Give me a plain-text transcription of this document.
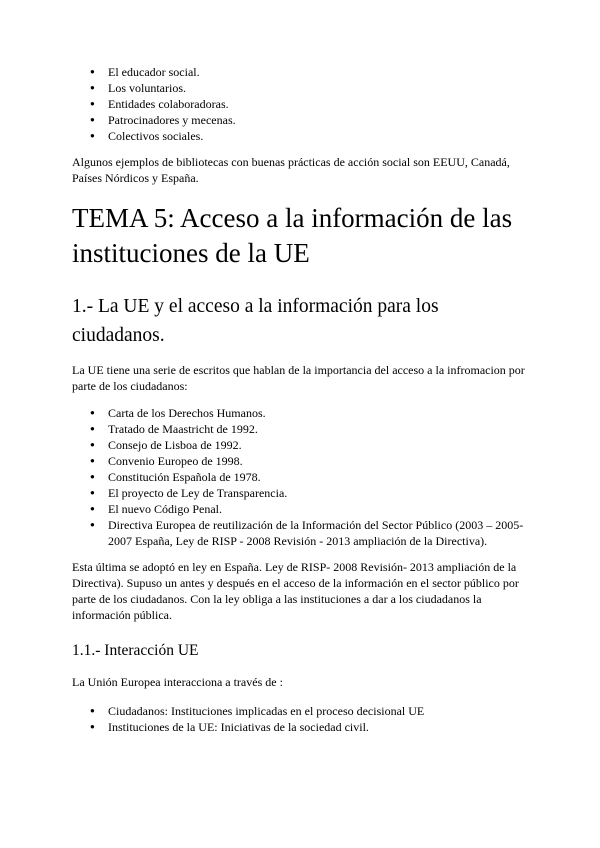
● El educador social.
● Los voluntarios.
● Entidades colaboradoras.
● Patrocinadores y mecenas.
● Colectivos sociales.

Algunos ejemplos de bibliotecas con buenas prácticas de acción social son EEUU, Canadá, Países Nórdicos y España.

TEMA 5: Acceso a la información de las instituciones de la UE
1.- La UE y el acceso a la información para los ciudadanos.

La UE tiene una serie de escritos que hablan de la importancia del acceso a la infromacion por parte de los ciudadanos:

● Carta de los Derechos Humanos.
● Tratado de Maastricht de 1992.
● Consejo de Lisboa de 1992.
● Convenio Europeo de 1998.
● Constitución Española de 1978.
● El proyecto de Ley de Transparencia.
● El nuevo Código Penal.
● Directiva Europea de reutilización de la Información del Sector Público (2003 – 2005-2007 España, Ley de RISP - 2008 Revisión - 2013 ampliación de la Directiva).

Esta última se adoptó en ley en España. Ley de RISP- 2008 Revisión- 2013 ampliación de la Directiva). Supuso un antes y después en el acceso de la información en el sector público por parte de los ciudadanos. Con la ley obliga a las instituciones a dar a los ciudadanos la información pública.

1.1.- Interacción UE

La Unión Europea interacciona a través de :

● Ciudadanos: Instituciones implicadas en el proceso decisional UE
● Instituciones de la UE: Iniciativas de la sociedad civil.
